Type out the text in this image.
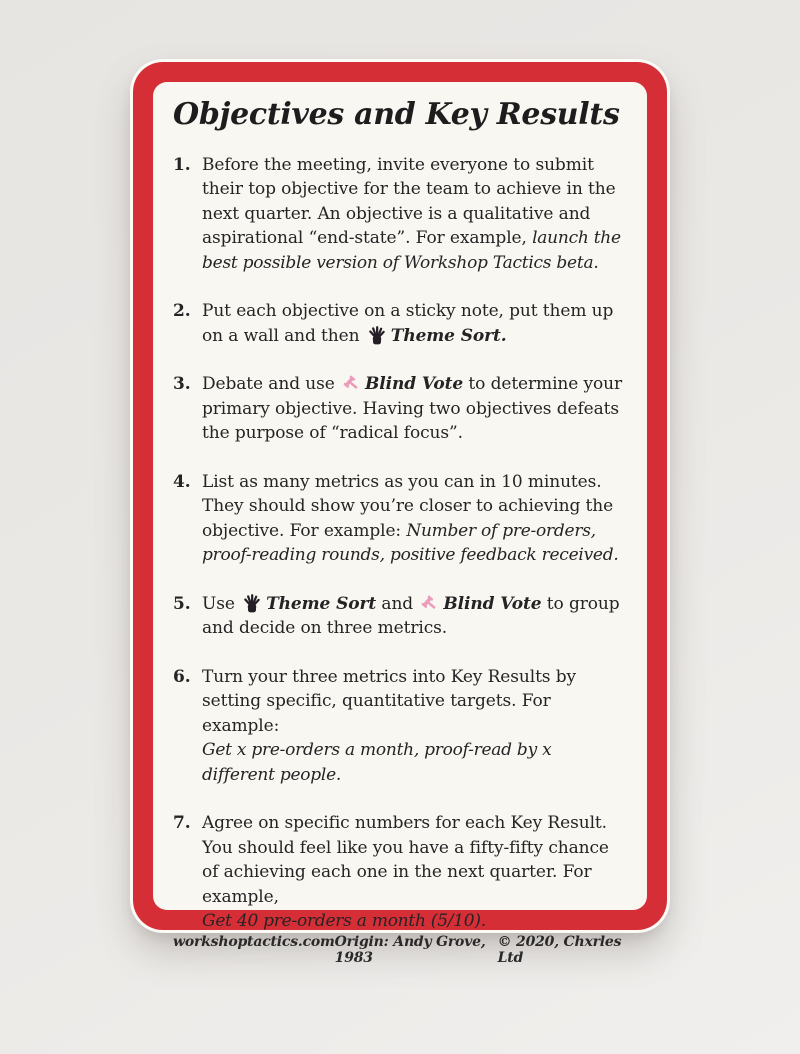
Objectives and Key Results
1. Before the meeting, invite everyone to submit their top objective for the team to achieve in the next quarter. An objective is a qualitative and aspirational “end-state”. For example, launch the best possible version of Workshop Tactics beta.
2. Put each objective on a sticky note, put them up on a wall and then Theme Sort.
3. Debate and use Blind Vote to determine your primary objective. Having two objectives defeats the purpose of “radical focus”.
4. List as many metrics as you can in 10 minutes. They should show you’re closer to achieving the objective. For example: Number of pre-orders, proof-reading rounds, positive feedback received.
5. Use Theme Sort and Blind Vote to group and decide on three metrics.
6. Turn your three metrics into Key Results by setting specific, quantitative targets. For example:
Get x pre-orders a month, proof-read by x different people.
7. Agree on specific numbers for each Key Result. You should feel like you have a fifty-fifty chance of achieving each one in the next quarter. For example,
Get 40 pre-orders a month (5/10).
workshoptactics.com Origin: Andy Grove, 1983
© 2020, Chxrles Ltd
